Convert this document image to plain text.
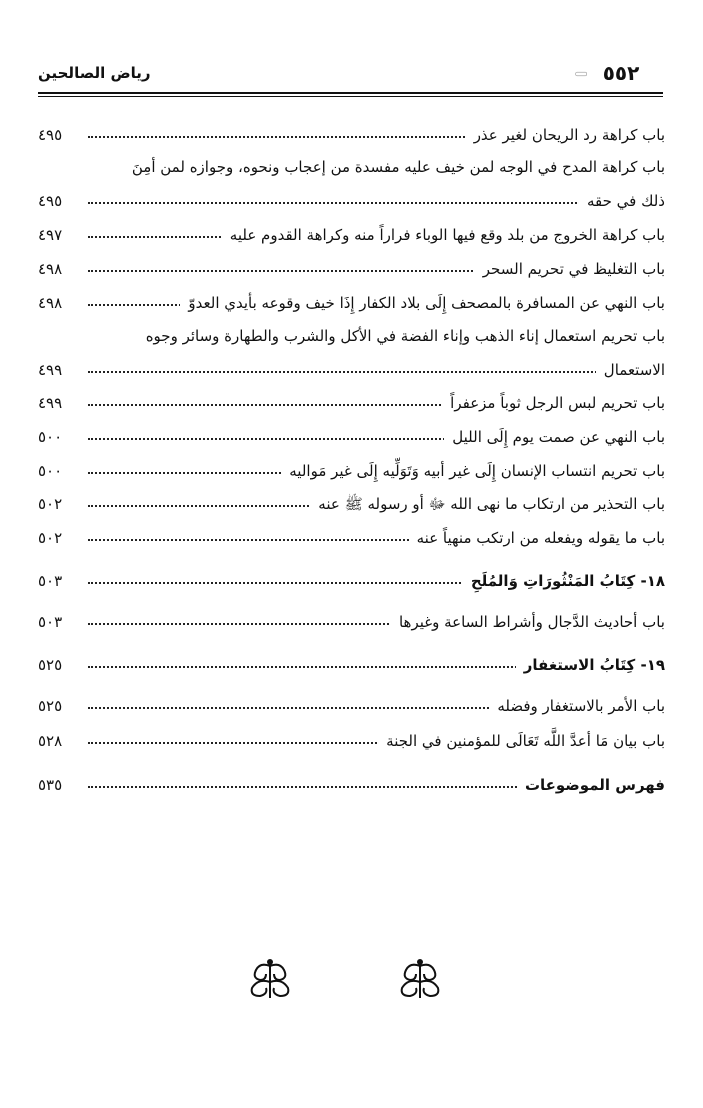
رياض الصالحين	٥٥٢
باب كراهة رد الريحان لغير عذر
٤٩٥
باب كراهة المدح في الوجه لمن خيف عليه مفسدة من إعجاب ونحوه، وجوازه لمن أمِنَ
ذلك في حقه
٤٩٥
باب كراهة الخروج من بلد وقع فيها الوباء فراراً منه وكراهة القدوم عليه
٤٩٧
باب التغليظ في تحريم السحر
٤٩٨
باب النهي عن المسافرة بالمصحف إِلَى بلاد الكفار إِذَا خيف وقوعه بأيدي العدوّ
٤٩٨
باب تحريم استعمال إناء الذهب وإناء الفضة في الأكل والشرب والطهارة وسائر وجوه
الاستعمال
٤٩٩
باب تحريم لبس الرجل ثوباً مزعفراً
٤٩٩
باب النهي عن صمت يوم إِلَى الليل
٥٠٠
باب تحريم انتساب الإنسان إِلَى غير أبيه وَتَوَلِّيه إِلَى غير مَواليه
٥٠٠
باب التحذير من ارتكاب ما نهى الله ﷻ أو رسوله ﷺ عنه
٥٠٢
باب ما يقوله ويفعله من ارتكب منهياً عنه
٥٠٢
١٨- كِتَابُ المَنْثُورَاتِ وَالمُلَحِ
٥٠٣
باب أحاديث الدَّجال وأشراط الساعة وغيرها
٥٠٣
١٩- كِتَابُ الاستغفار
٥٢٥
باب الأمر بالاستغفار وفضله
٥٢٥
باب بيان مَا أعدَّ اللَّه تَعَالَى للمؤمنين في الجنة
٥٢٨
فهرس الموضوعات
٥٣٥
